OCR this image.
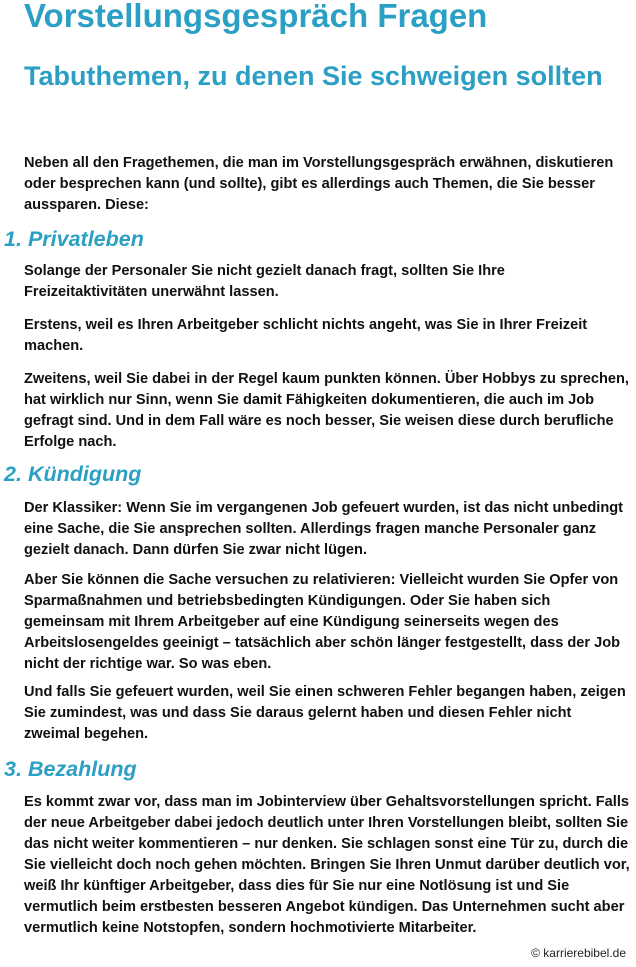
Vorstellungsgespräch Fragen
Tabuthemen, zu denen Sie schweigen sollten

Neben all den Fragethemen, die man im Vorstellungsgespräch erwähnen, diskutieren oder besprechen kann (und sollte), gibt es allerdings auch Themen, die Sie besser aussparen. Diese:

1. Privatleben

Solange der Personaler Sie nicht gezielt danach fragt, sollten Sie Ihre Freizeitaktivitäten unerwähnt lassen.

Erstens, weil es Ihren Arbeitgeber schlicht nichts angeht, was Sie in Ihrer Freizeit machen.

Zweitens, weil Sie dabei in der Regel kaum punkten können. Über Hobbys zu sprechen, hat wirklich nur Sinn, wenn Sie damit Fähigkeiten dokumentieren, die auch im Job gefragt sind. Und in dem Fall wäre es noch besser, Sie weisen diese durch berufliche Erfolge nach.

2. Kündigung

Der Klassiker: Wenn Sie im vergangenen Job gefeuert wurden, ist das nicht unbedingt eine Sache, die Sie ansprechen sollten. Allerdings fragen manche Personaler ganz gezielt danach. Dann dürfen Sie zwar nicht lügen.

Aber Sie können die Sache versuchen zu relativieren: Vielleicht wurden Sie Opfer von Sparmaßnahmen und betriebsbedingten Kündigungen. Oder Sie haben sich gemeinsam mit Ihrem Arbeitgeber auf eine Kündigung seinerseits wegen des Arbeitslosengeldes geeinigt – tatsächlich aber schön länger festgestellt, dass der Job nicht der richtige war. So was eben.

Und falls Sie gefeuert wurden, weil Sie einen schweren Fehler begangen haben, zeigen Sie zumindest, was und dass Sie daraus gelernt haben und diesen Fehler nicht zweimal begehen.

3. Bezahlung

Es kommt zwar vor, dass man im Jobinterview über Gehaltsvorstellungen spricht. Falls der neue Arbeitgeber dabei jedoch deutlich unter Ihren Vorstellungen bleibt, sollten Sie das nicht weiter kommentieren – nur denken. Sie schlagen sonst eine Tür zu, durch die Sie vielleicht doch noch gehen möchten. Bringen Sie Ihren Unmut darüber deutlich vor, weiß Ihr künftiger Arbeitgeber, dass dies für Sie nur eine Notlösung ist und Sie vermutlich beim erstbesten besseren Angebot kündigen. Das Unternehmen sucht aber vermutlich keine Notstopfen, sondern hochmotivierte Mitarbeiter.

© karrierebibel.de
